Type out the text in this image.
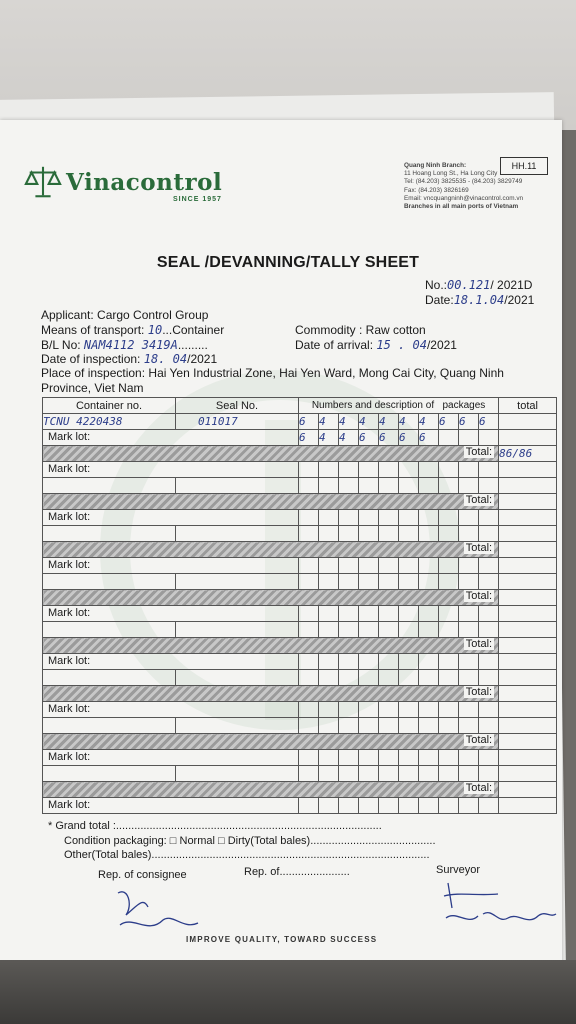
Vinacontrol
SINCE 1957
Quang Ninh Branch:
11 Hoang Long St., Ha Long City
Tel: (84.203) 3825535 - (84.203) 3829749
Fax: (84.203) 3826169
Email: vncquangninh@vinacontrol.com.vn
Branches in all main ports of Vietnam
HH.11
SEAL /DEVANNING/TALLY SHEET
No.:00.121/ 2021D
Date:18.1.04/2021
Applicant: Cargo Control Group
Means of transport: 10...Container	Commodity : Raw cotton
B/L No: NAM4112 3419A.........	Date of arrival: 15 . 04/2021
Date of inspection: 18. 04/2021
Place of inspection: Hai Yen Industrial Zone, Hai Yen Ward, Mong Cai City, Quang Ninh
Province, Viet Nam
Container no.	Seal No.	Numbers and description of packages										total
TCNU 4220438	011017	6	4	4	4	4	4	4	6	6	6	

Mark lot:		6	4	4	6	6	6	6				

Total:												86/86

Mark lot:												

Total:												

Mark lot:												

Total:												

Mark lot:												

Total:												

Mark lot:												

Total:												

Mark lot:												

Total:												

Mark lot:												

Total:												

Mark lot:												

Total:												

Mark lot:												

* Grand total :.......................................................................................
Condition packaging: □ Normal □ Dirty(Total bales).........................................
Other(Total bales)...........................................................................................
Rep. of consignee	Rep. of.......................	Surveyor
IMPROVE QUALITY, TOWARD SUCCESS
